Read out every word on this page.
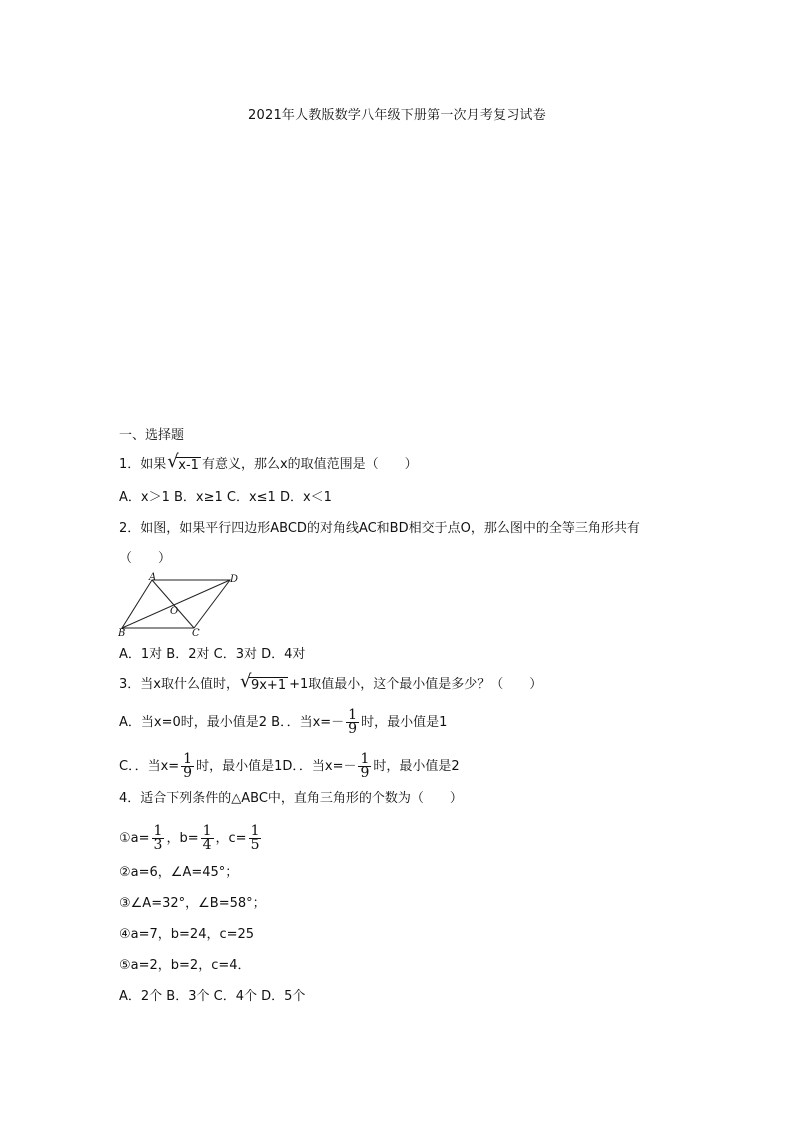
2021年人教版数学八年级下册第一次月考复习试卷
一、选择题
1．如果 √ x-1 有意义，那么x的取值范围是（　　）
A．x＞1 B．x≥1 C．x≤1 D．x＜1
2．如图，如果平行四边形ABCD的对角线AC和BD相交于点O，那么图中的全等三角形共有
（　　）
A	D
B	C
O
A．1对 B．2对 C．3对 D．4对
3．当x取什么值时， √ 9x+1+1取值最小，这个最小值是多少？（　　）
A．当x=0时，最小值是2 B．．当$x=- \frac{1}{9}$ 时，最小值是1
C．．当$x= \frac{1}{9}$ 时，最小值是1D．．当$x=- \frac{1}{9}$ 时，最小值是2
4．适合下列条件的△ABC中，直角三角形的个数为（　　）
①a= $\frac{1}{3}$ ，$b= \frac{1}{4}$ ，$c= \frac{1}{5}$
②a=6，∠A=45°；
③∠A=32°，∠B=58°；
④a=7，b=24，c=25
⑤a=2，b=2，c=4．
A．2个 B．3个 C．4个 D．5个
